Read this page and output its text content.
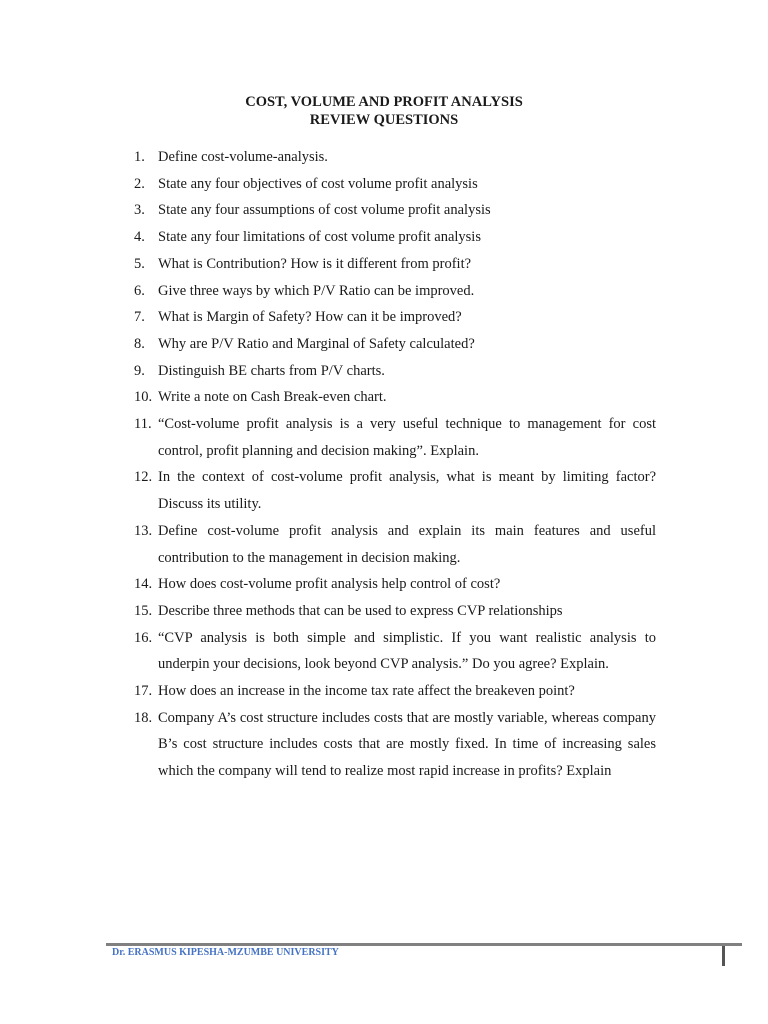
COST, VOLUME AND PROFIT ANALYSIS
REVIEW QUESTIONS
1. Define cost-volume-analysis.
2. State any four objectives of cost volume profit analysis
3. State any four assumptions of cost volume profit analysis
4. State any four limitations of cost volume profit analysis
5. What is Contribution? How is it different from profit?
6. Give three ways by which P/V Ratio can be improved.
7. What is Margin of Safety? How can it be improved?
8. Why are P/V Ratio and Marginal of Safety calculated?
9. Distinguish BE charts from P/V charts.
10. Write a note on Cash Break-even chart.
11. “Cost-volume profit analysis is a very useful technique to management for cost control, profit planning and decision making”. Explain.
12. In the context of cost-volume profit analysis, what is meant by limiting factor? Discuss its utility.
13. Define cost-volume profit analysis and explain its main features and useful contribution to the management in decision making.
14. How does cost-volume profit analysis help control of cost?
15. Describe three methods that can be used to express CVP relationships
16. “CVP analysis is both simple and simplistic. If you want realistic analysis to underpin your decisions, look beyond CVP analysis.” Do you agree? Explain.
17. How does an increase in the income tax rate affect the breakeven point?
18. Company A’s cost structure includes costs that are mostly variable, whereas company B’s cost structure includes costs that are mostly fixed. In time of increasing sales which the company will tend to realize most rapid increase in profits? Explain
Dr. ERASMUS KIPESHA-MZUMBE UNIVERSITY
